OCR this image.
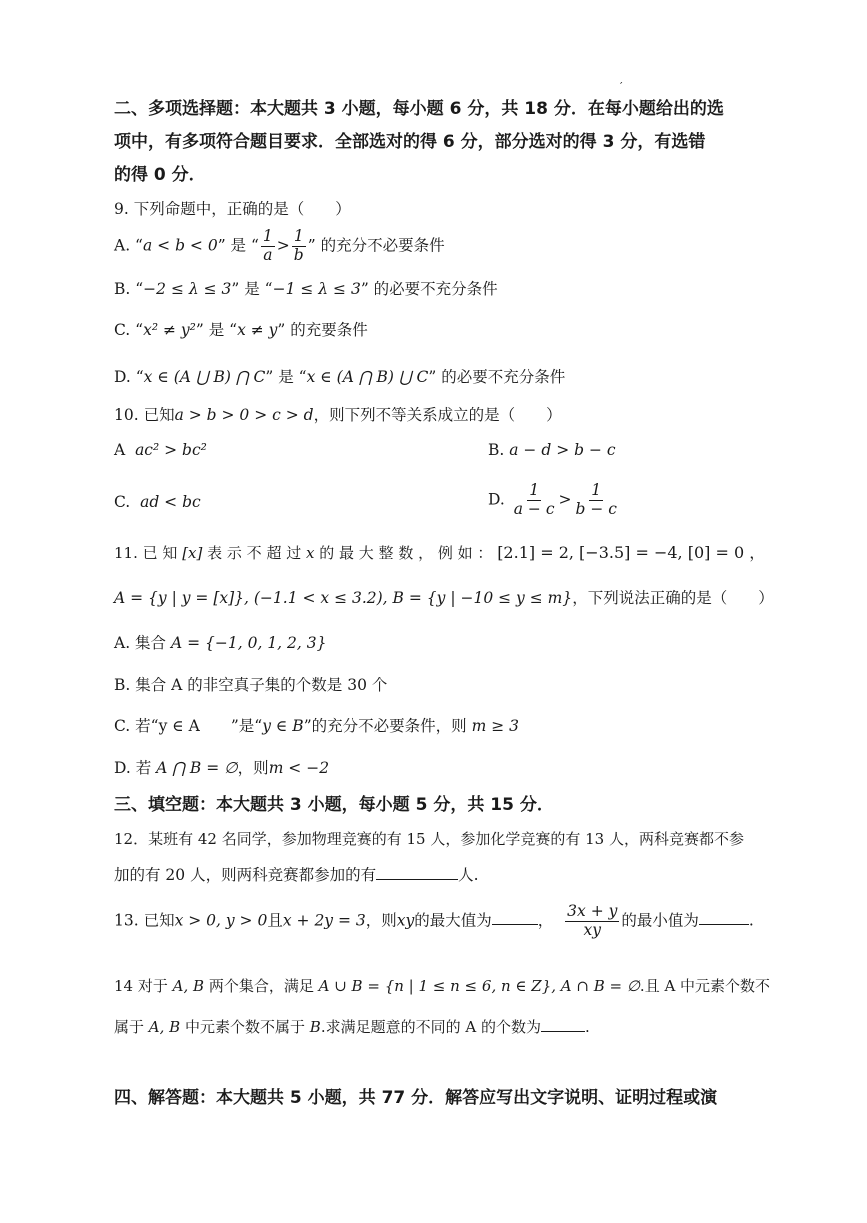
′
二、多项选择题：本大题共 3 小题，每小题 6 分，共 18 分．在每小题给出的选
项中，有多项符合题目要求．全部选对的得 6 分，部分选对的得 3 分，有选错
的得 0 分．
9. 下列命题中，正确的是（　　）
A. “a < b < 0” 是 “ $\frac{1}{a} > \frac{1}{b}$ ” 的充分不必要条件
B. “−2 ≤ λ ≤ 3” 是 “−1 ≤ λ ≤ 3” 的必要不充分条件
C. “x² ≠ y²” 是 “x ≠ y” 的充要条件
D. “x ∈ (A ⋃ B) ⋂ C” 是 “x ∈ (A ⋂ B) ⋃ C” 的必要不充分条件
10. 已知a > b > 0 > c > d，则下列不等关系成立的是（　　）
A ac² > bc²	B. a − d > b − c
C. ad < bc	D. $\frac{1}{a - c} > \frac{1}{b - c}$
11. 已 知 [x] 表 示 不 超 过 x 的 最 大 整 数 ， 例 如 ： [2.1] = 2, [−3.5] = −4, [0] = 0 ，
A = {y | y = [x]}, (−1.1 < x ≤ 3.2), B = {y | −10 ≤ y ≤ m}，下列说法正确的是（　　）
A. 集合 A = {−1, 0, 1, 2, 3}
B. 集合 A 的非空真子集的个数是 30 个
C. 若“y ∈ A　　”是“y ∈ B”的充分不必要条件，则 m ≥ 3
D. 若 A ⋂ B = ∅，则m < −2
三、填空题：本大题共 3 小题，每小题 5 分，共 15 分．
12．某班有 42 名同学，参加物理竞赛的有 15 人，参加化学竞赛的有 13 人，两科竞赛都不参
加的有 20 人，则两科竞赛都参加的有	人.
13. 已知x > 0, y > 0且x + 2y = 3，则xy的最大值为	， $\frac{3x + y}{xy}$ 的最小值为	.
14 对于 A, B 两个集合，满足 A ∪ B = {n | 1 ≤ n ≤ 6, n ∈ Z}, A ∩ B = ∅.且 A 中元素个数不
属于 A, B 中元素个数不属于 B.求满足题意的不同的 A 的个数为	.
四、解答题：本大题共 5 小题，共 77 分．解答应写出文字说明、证明过程或演
